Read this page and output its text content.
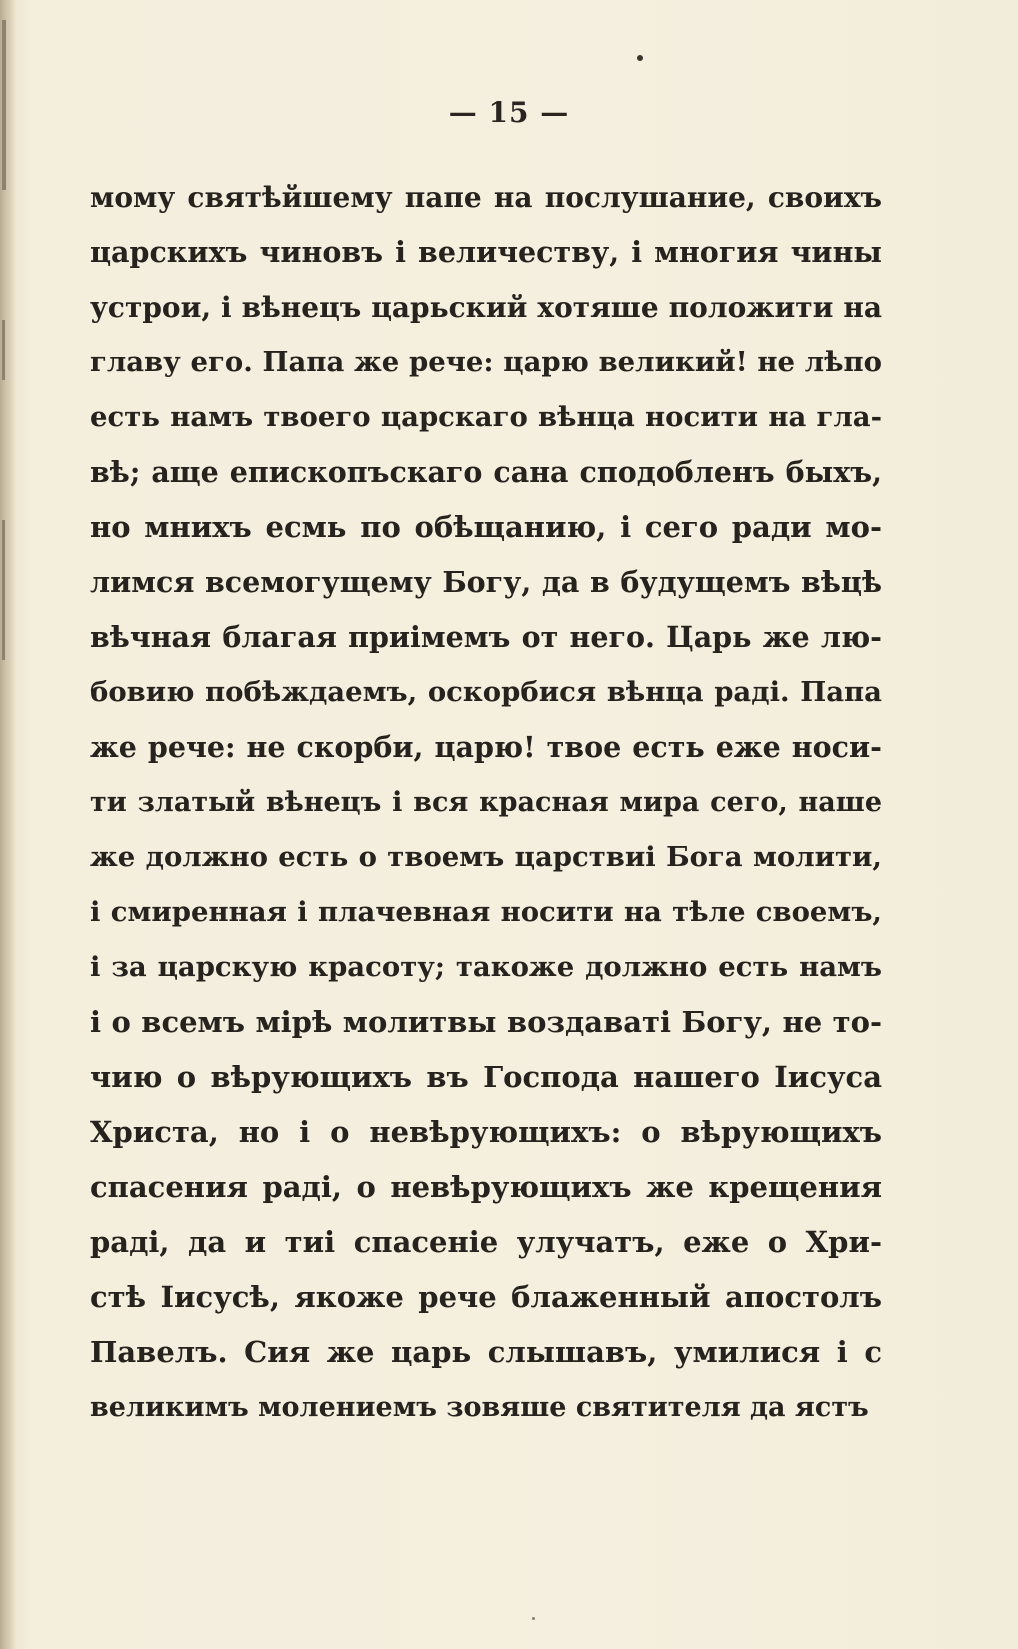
— 15 —
мому святѣйшему папе на послушание, своихъ
царскихъ чиновъ і величеству, і многия чины
устрои, і вѣнецъ царьский хотяше положити на
главу его. Папа же рече: царю великий! не лѣпо
есть намъ твоего царскаго вѣнца носити на гла-
вѣ; аще епископъскаго сана сподобленъ быхъ,
но мнихъ есмь по обѣщанию, і сего ради мо-
лимся всемогущему Богу, да в будущемъ вѣцѣ
вѣчная благая приімемъ от него. Царь же лю-
бовию побѣждаемъ, оскорбися вѣнца раді. Папа
же рече: не скорби, царю! твое есть еже носи-
ти златый вѣнецъ і вся красная мира сего, наше
же должно есть о твоемъ царствиі Бога молити,
і смиренная і плачевная носити на тѣле своемъ,
і за царскую красоту; такоже должно есть намъ
і о всемъ мірѣ молитвы воздаваті Богу, не то-
чию о вѣрующихъ въ Господа нашего Іисуса
Христа, но і о невѣрующихъ: о вѣрующихъ
спасения раді, о невѣрующихъ же крещения
раді, да и тиі спасеніе улучатъ, еже о Хри-
стѣ Іисусѣ, якоже рече блаженный апостолъ
Павелъ. Сия же царь слышавъ, умилися і с
великимъ молениемъ зовяше святителя да ястъ
